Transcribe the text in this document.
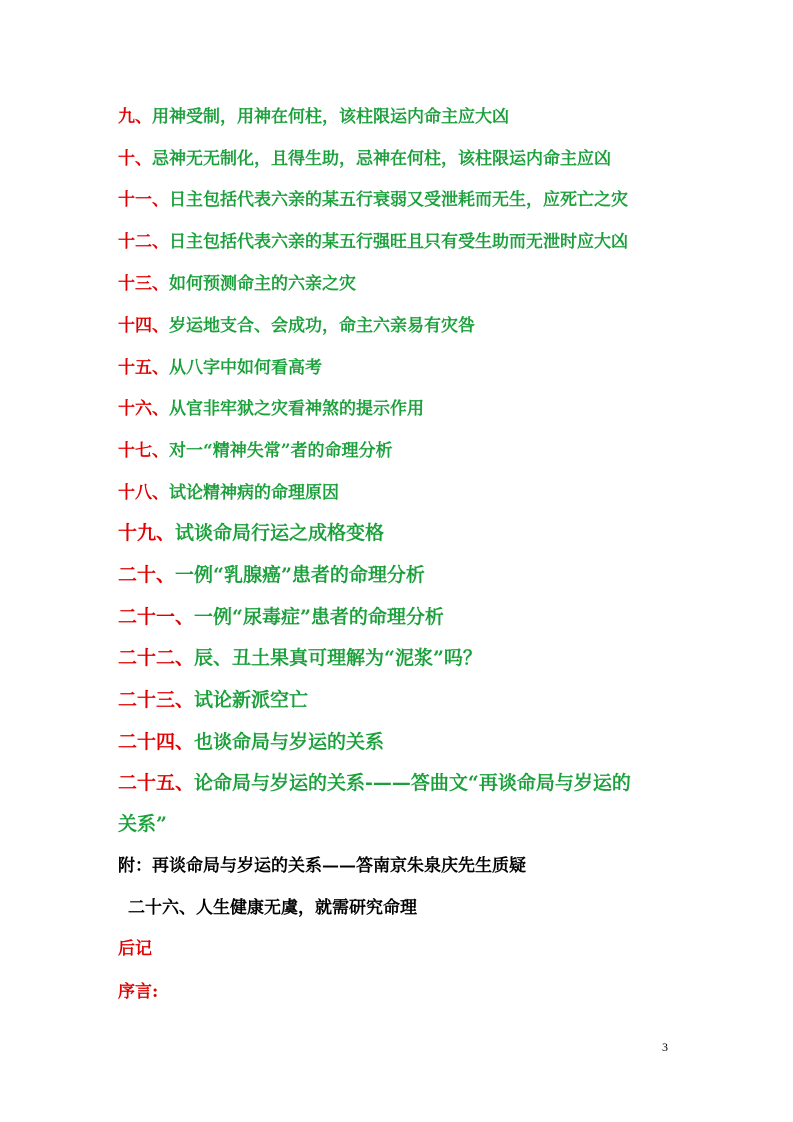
九、用神受制，用神在何柱，该柱限运内命主应大凶
十、忌神无无制化，且得生助，忌神在何柱，该柱限运内命主应凶
十一、日主包括代表六亲的某五行衰弱又受泄耗而无生，应死亡之灾
十二、日主包括代表六亲的某五行强旺且只有受生助而无泄时应大凶
十三、如何预测命主的六亲之灾
十四、岁运地支合、会成功，命主六亲易有灾咎
十五、从八字中如何看高考
十六、从官非牢狱之灾看神煞的提示作用
十七、对一“精神失常”者的命理分析
十八、试论精神病的命理原因
十九、试谈命局行运之成格变格
二十、一例“乳腺癌”患者的命理分析
二十一、一例“尿毒症”患者的命理分析
二十二、辰、丑土果真可理解为“泥浆”吗？
二十三、试论新派空亡
二十四、也谈命局与岁运的关系
二十五、论命局与岁运的关系-——答曲文“再谈命局与岁运的
关系”
附：再谈命局与岁运的关系——答南京朱泉庆先生质疑
二十六、人生健康无虞，就需研究命理
后记
序言:
3
